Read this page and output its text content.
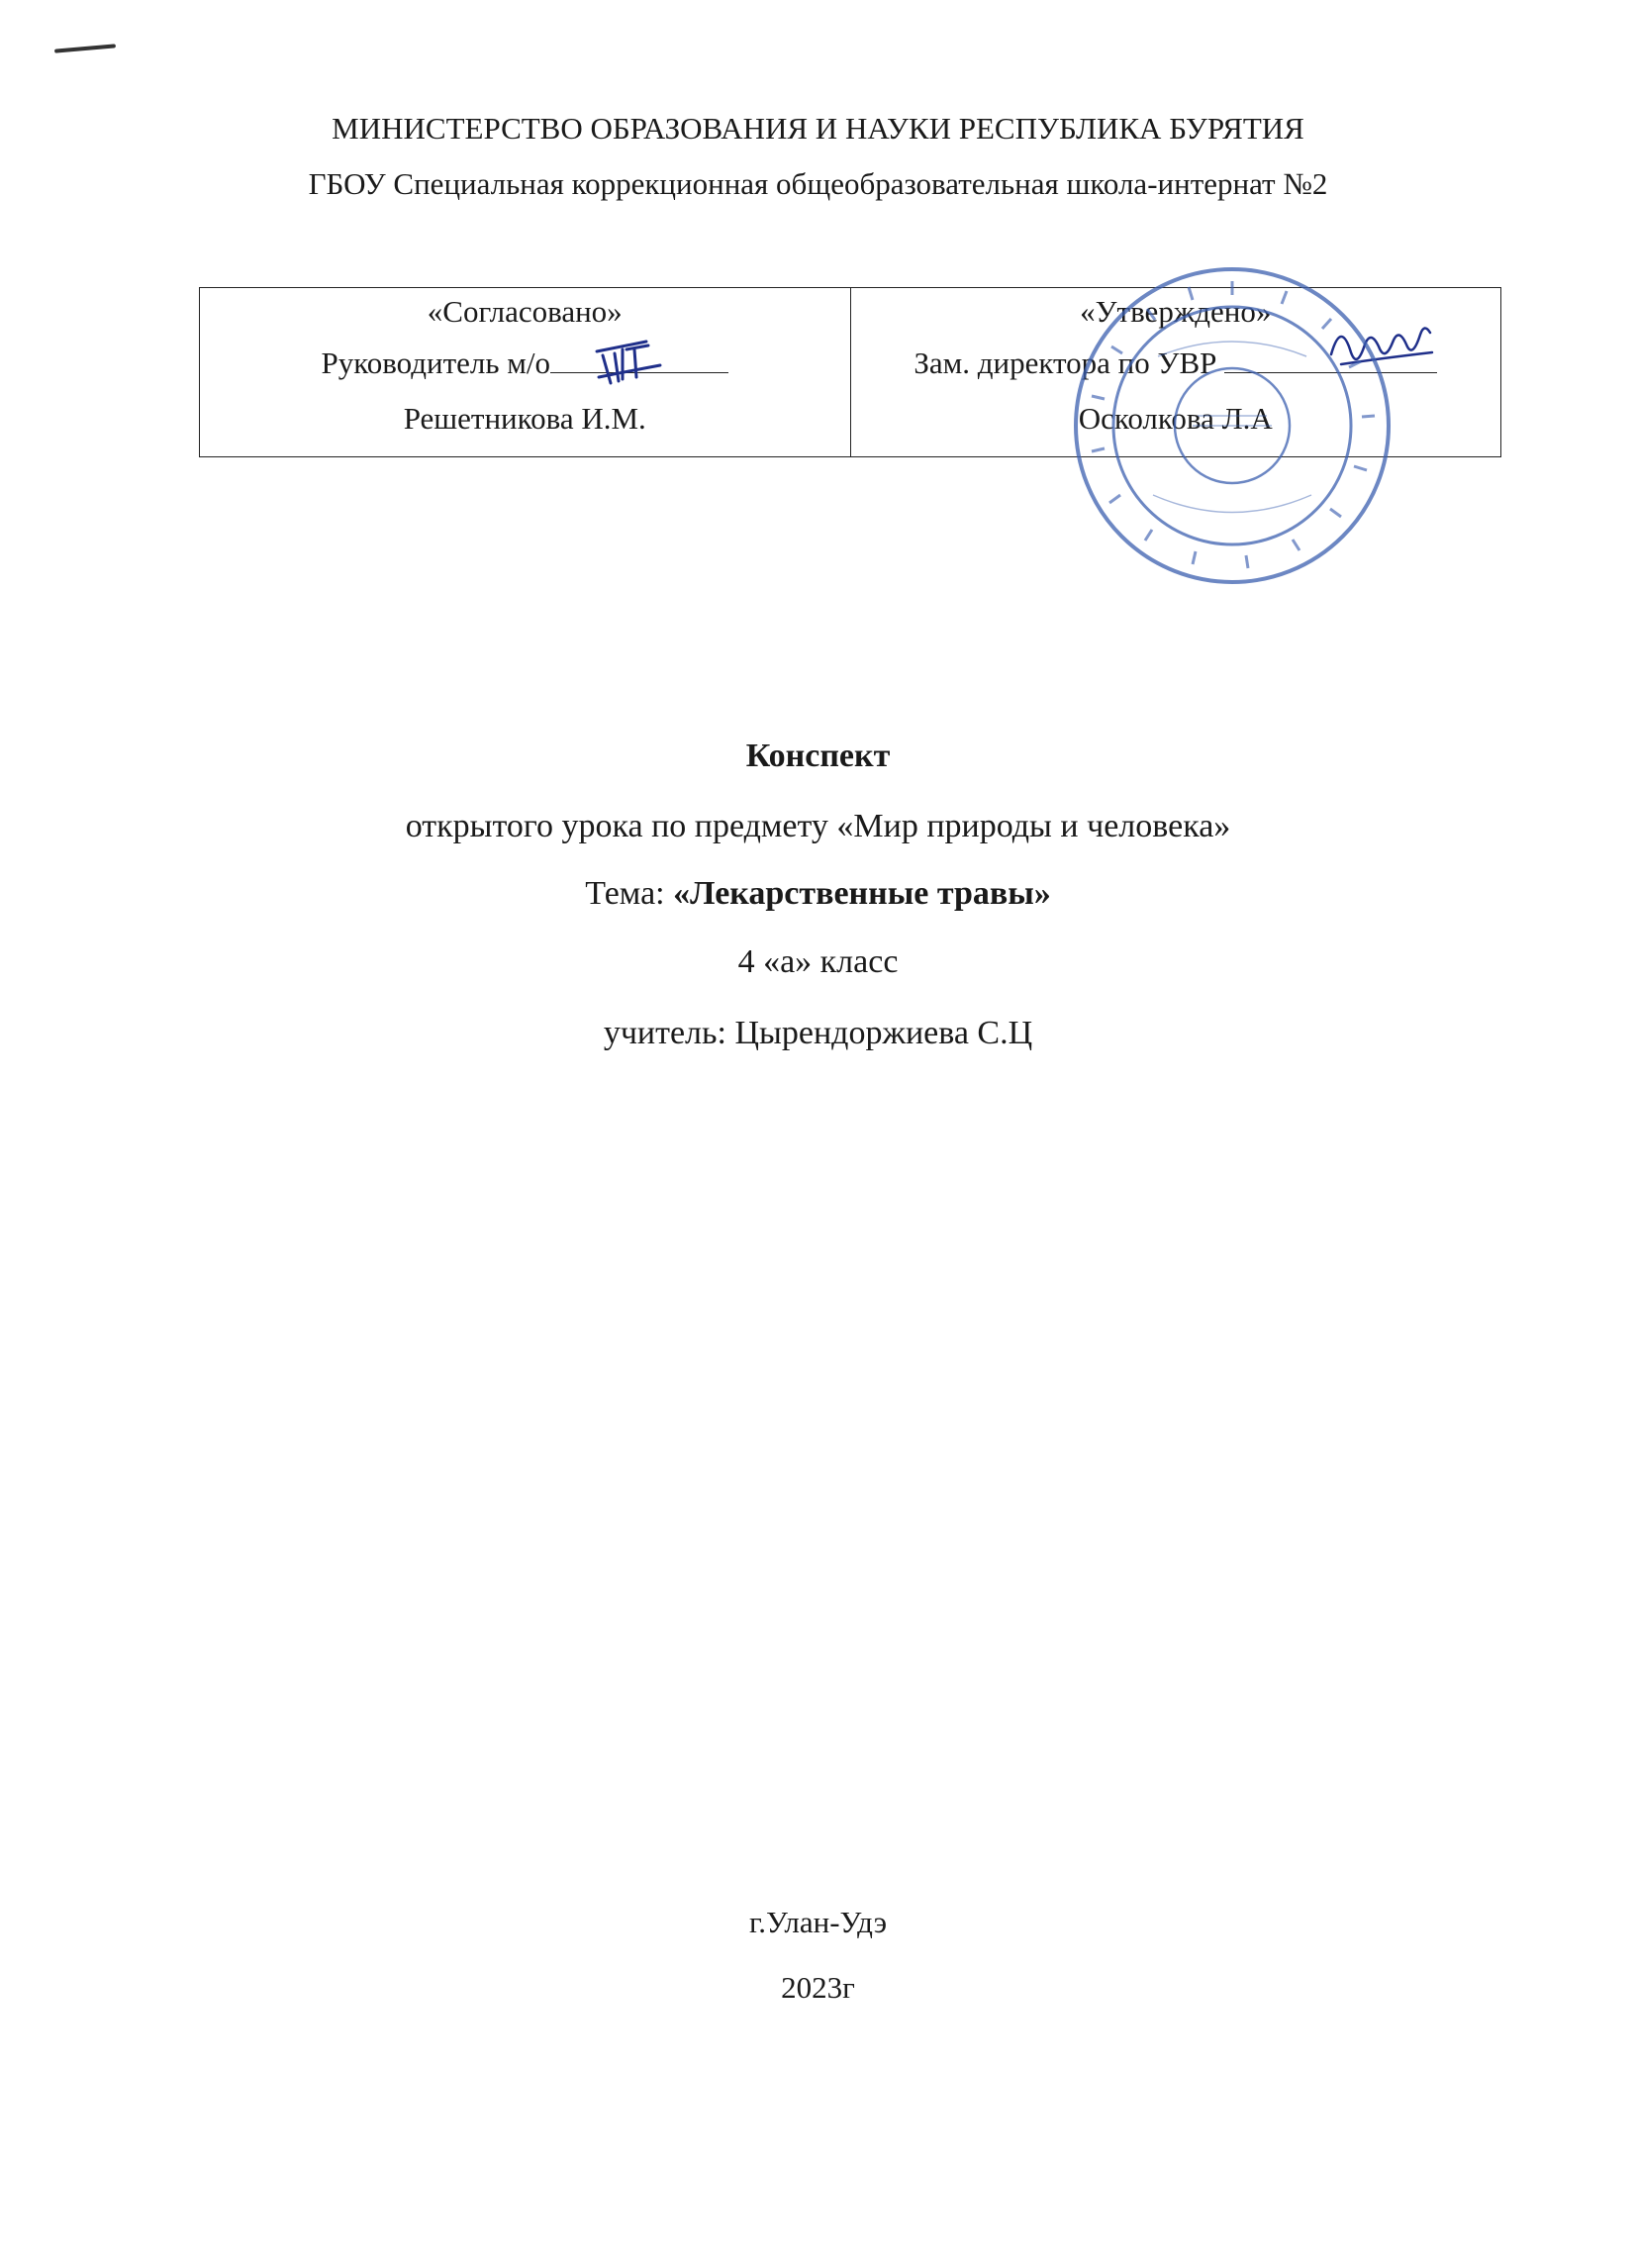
МИНИСТЕРСТВО ОБРАЗОВАНИЯ И НАУКИ РЕСПУБЛИКА БУРЯТИЯ
ГБОУ Специальная коррекционная общеобразовательная школа-интернат №2
«Согласовано»
Руководитель м/о
Решетникова И.М.
«Утверждено»
Зам. директора по УВР
Осколкова Л.А
Конспект
открытого урока по предмету «Мир природы и человека»
Тема: «Лекарственные травы»
4 «а» класс
учитель: Цырендоржиева С.Ц
г.Улан-Удэ
2023г
